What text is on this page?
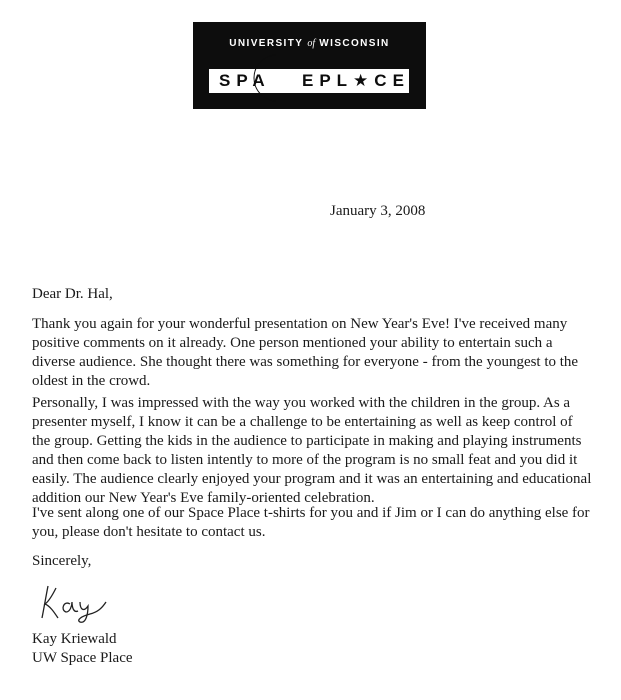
UNIVERSITY of WISCONSIN
SPA EPL★CE
January 3, 2008

Dear Dr. Hal,

Thank you again for your wonderful presentation on New Year's Eve! I've received many positive comments on it already. One person mentioned your ability to entertain such a diverse audience. She thought there was something for everyone - from the youngest to the oldest in the crowd.

Personally, I was impressed with the way you worked with the children in the group. As a presenter myself, I know it can be a challenge to be entertaining as well as keep control of the group. Getting the kids in the audience to participate in making and playing instruments and then come back to listen intently to more of the program is no small feat and you did it easily. The audience clearly enjoyed your program and it was an entertaining and educational addition our New Year's Eve family-oriented celebration.

I've sent along one of our Space Place t-shirts for you and if Jim or I can do anything else for you, please don't hesitate to contact us.

Sincerely,

Kay Kriewald

UW Space Place
